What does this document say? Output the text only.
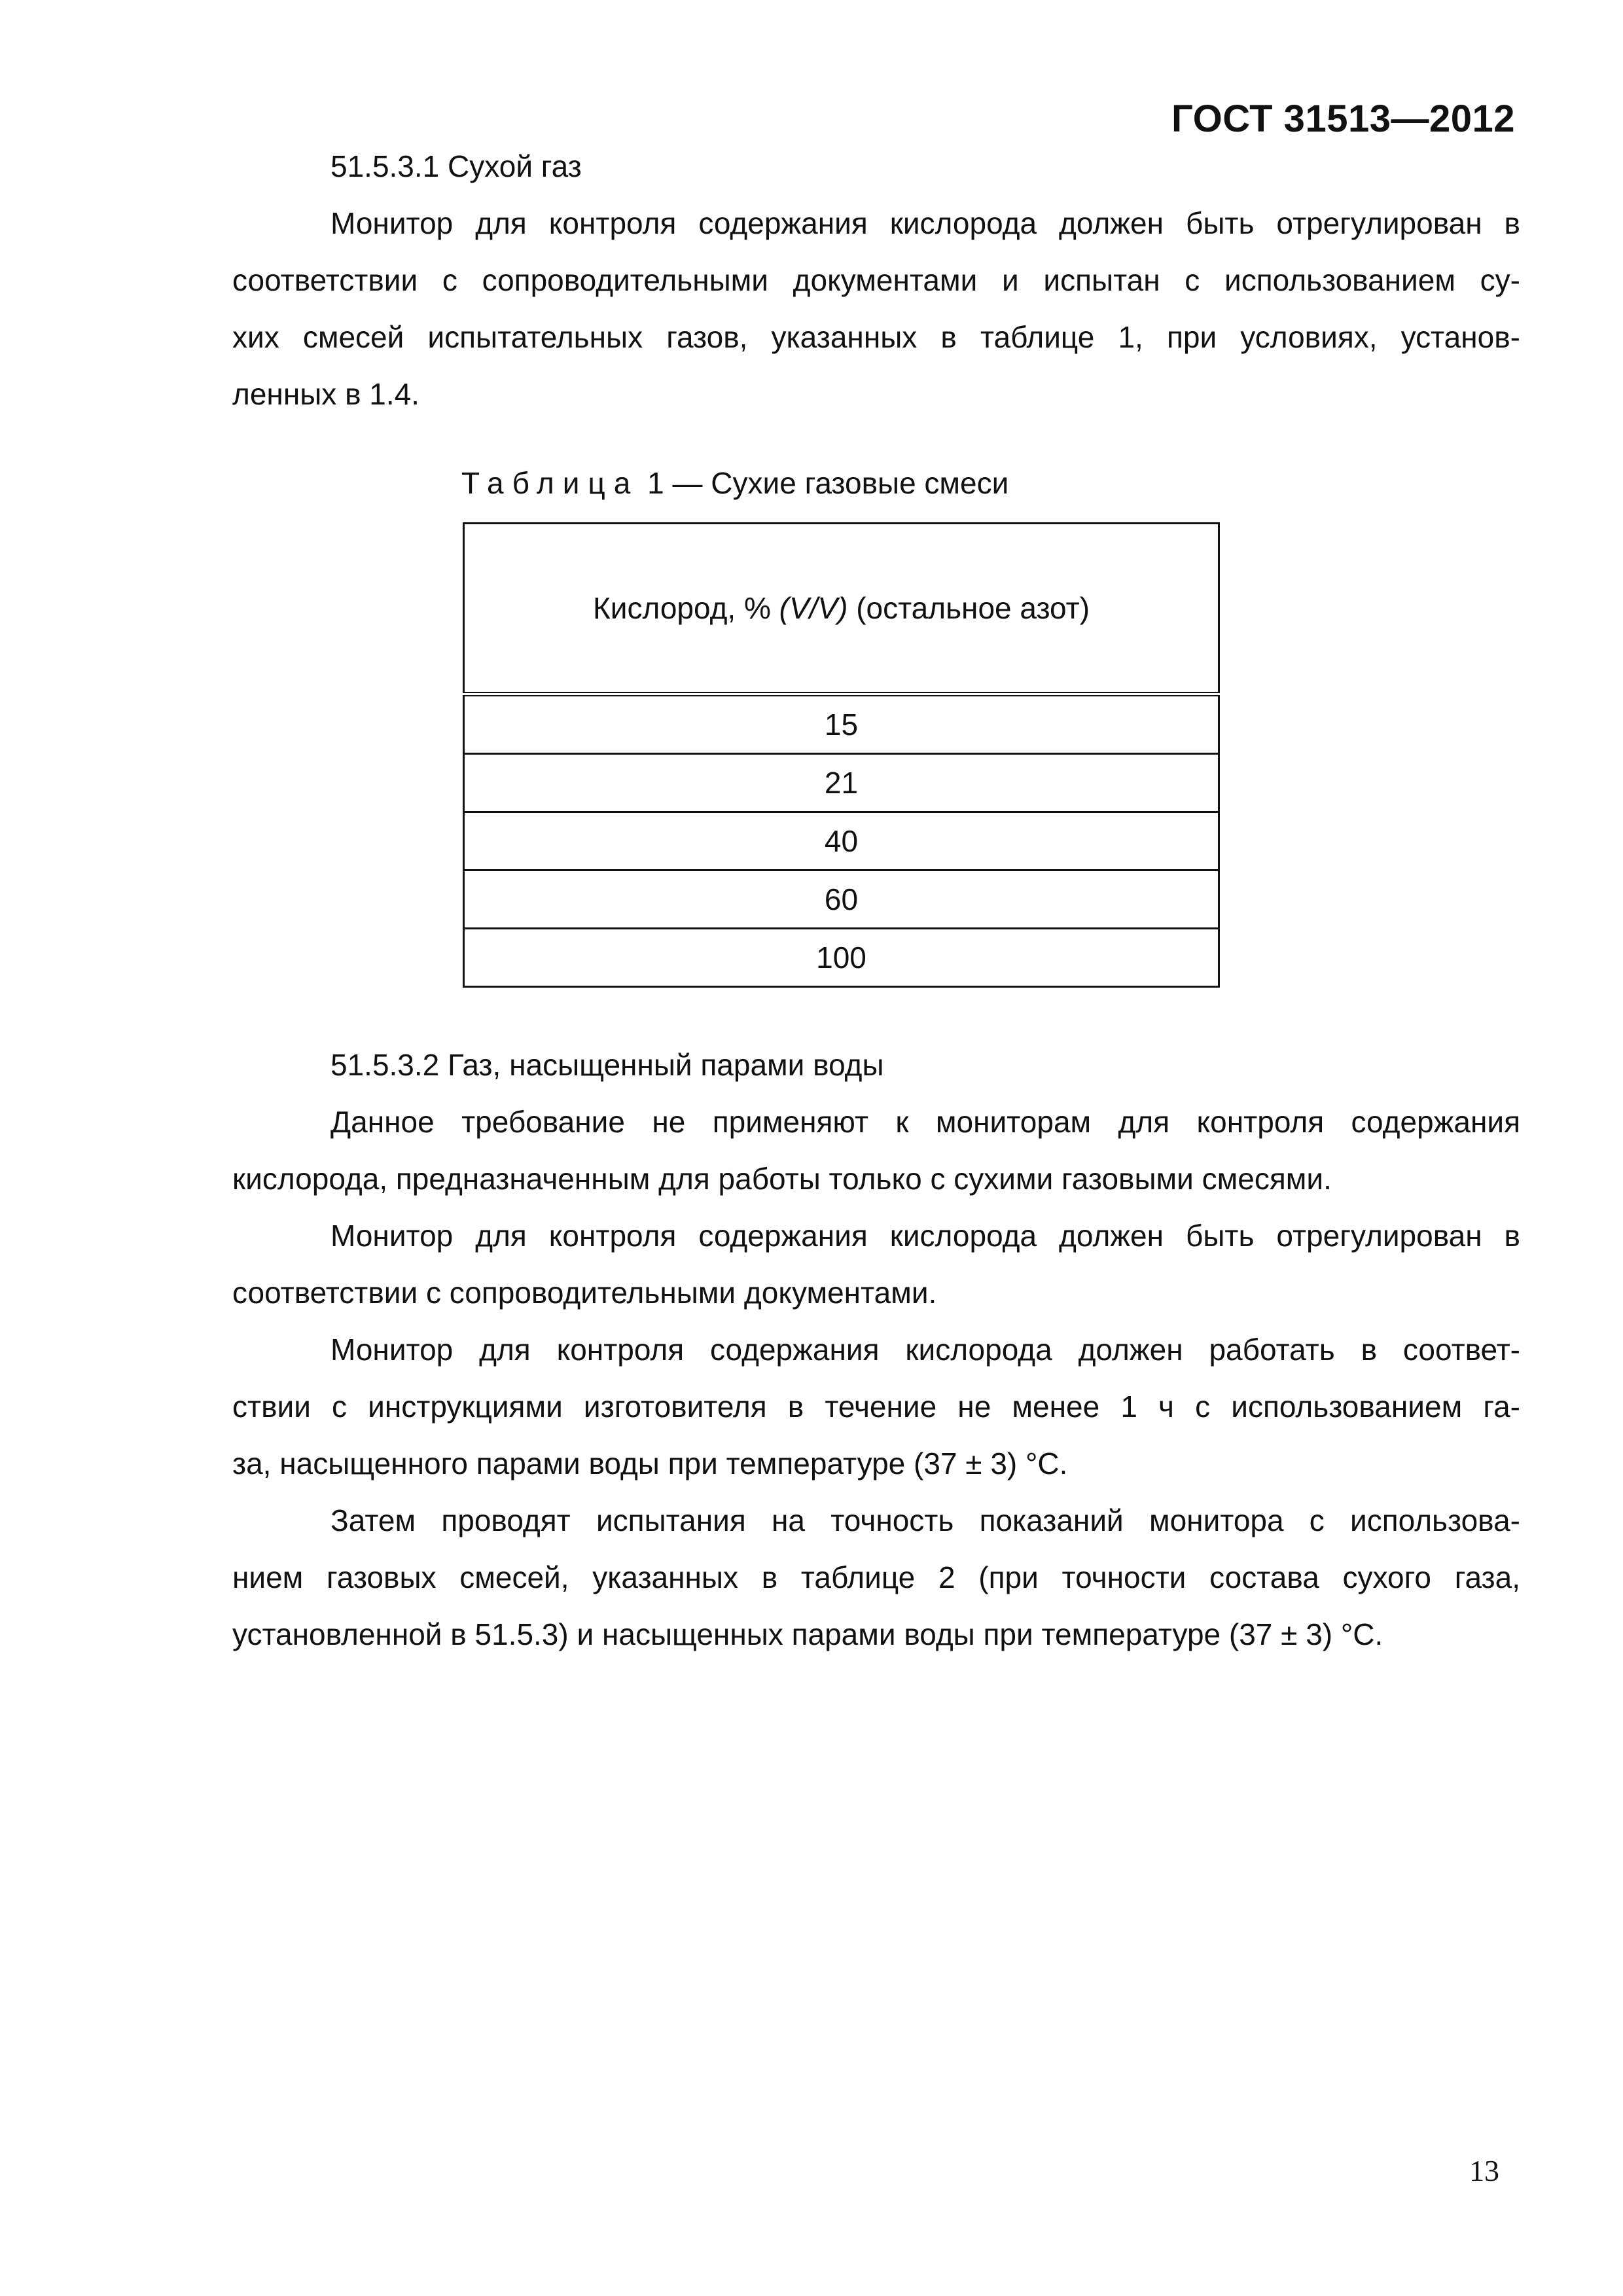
ГОСТ 31513—2012
51.5.3.1 Сухой газ
Монитор для контроля содержания кислорода должен быть отрегулирован в
соответствии с сопроводительными документами и испытан с использованием су-
хих смесей испытательных газов, указанных в таблице 1, при условиях, установ-
ленных в 1.4.
Таблица 1 — Сухие газовые смеси
Кислород, % (V/V) (остальное азот)
15
21
40
60
100
51.5.3.2 Газ, насыщенный парами воды
Данное требование не применяют к мониторам для контроля содержания
кислорода, предназначенным для работы только с сухими газовыми смесями.
Монитор для контроля содержания кислорода должен быть отрегулирован в
соответствии с сопроводительными документами.
Монитор для контроля содержания кислорода должен работать в соответ-
ствии с инструкциями изготовителя в течение не менее 1 ч с использованием га-
за, насыщенного парами воды при температуре (37 ± 3) °С.
Затем проводят испытания на точность показаний монитора с использова-
нием газовых смесей, указанных в таблице 2 (при точности состава сухого газа,
установленной в 51.5.3) и насыщенных парами воды при температуре (37 ± 3) °С.
13
